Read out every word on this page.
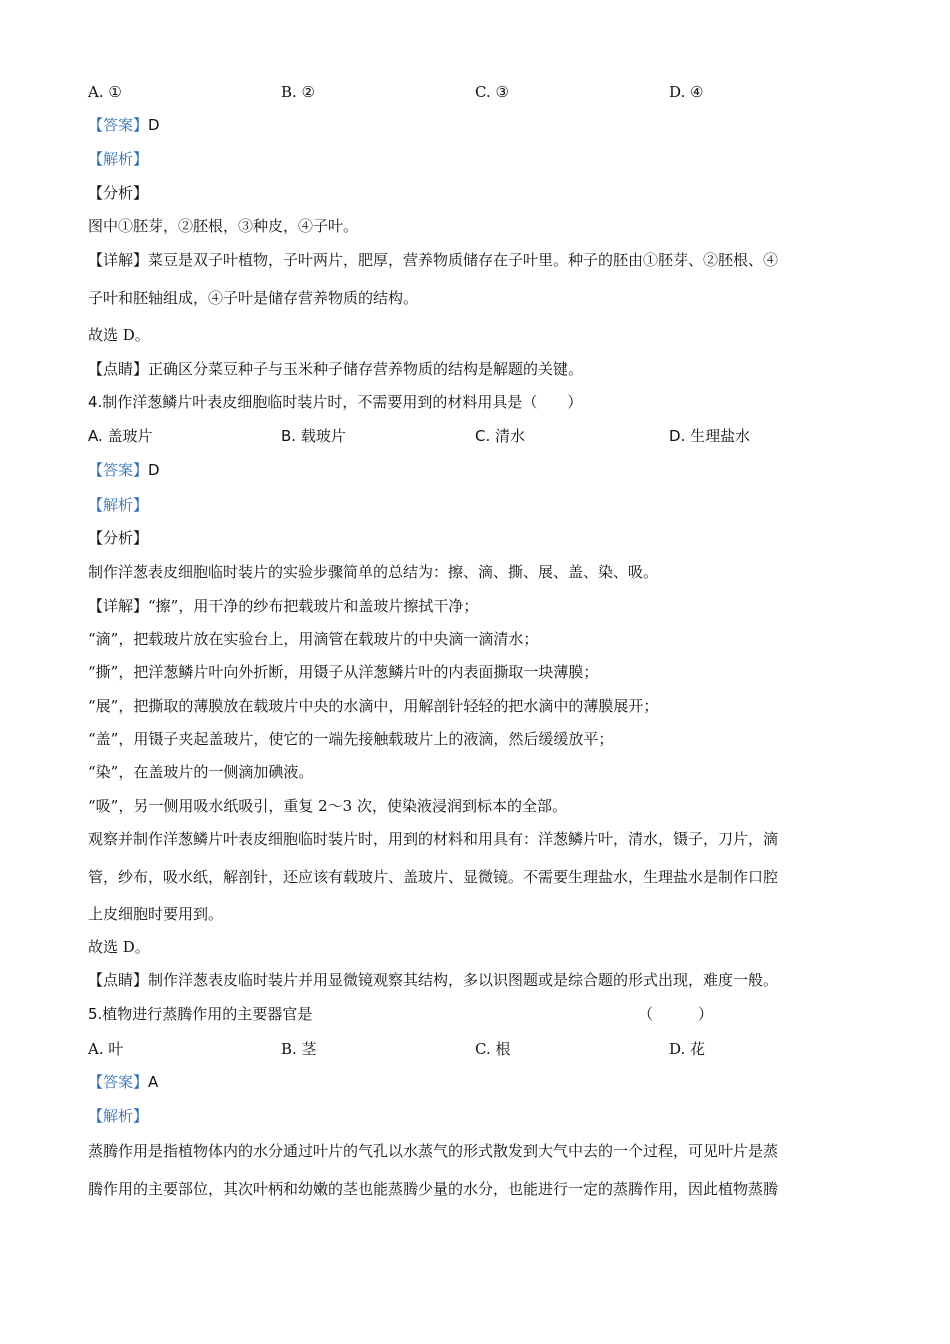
A. ①	B. ②	C. ③	D. ④
【答案】D
【解析】
【分析】
图中①胚芽，②胚根，③种皮，④子叶。
【详解】菜豆是双子叶植物，子叶两片，肥厚，营养物质储存在子叶里。种子的胚由①胚芽、②胚根、④
子叶和胚轴组成，④子叶是储存营养物质的结构。
故选 D。
【点睛】正确区分菜豆种子与玉米种子储存营养物质的结构是解题的关键。
4.制作洋葱鳞片叶表皮细胞临时装片时，不需要用到的材料用具是（　　）
A. 盖玻片	B. 载玻片	C. 清水	D. 生理盐水
【答案】D
【解析】
【分析】
制作洋葱表皮细胞临时装片的实验步骤简单的总结为：擦、滴、撕、展、盖、染、吸。
【详解】“擦”，用干净的纱布把载玻片和盖玻片擦拭干净；
“滴”，把载玻片放在实验台上，用滴管在载玻片的中央滴一滴清水；
“撕”，把洋葱鳞片叶向外折断，用镊子从洋葱鳞片叶的内表面撕取一块薄膜；
“展”，把撕取的薄膜放在载玻片中央的水滴中，用解剖针轻轻的把水滴中的薄膜展开；
“盖”，用镊子夹起盖玻片，使它的一端先接触载玻片上的液滴，然后缓缓放平；
“染”，在盖玻片的一侧滴加碘液。
“吸”，另一侧用吸水纸吸引，重复 2～3 次，使染液浸润到标本的全部。
观察并制作洋葱鳞片叶表皮细胞临时装片时，用到的材料和用具有：洋葱鳞片叶，清水，镊子，刀片，滴
管，纱布，吸水纸，解剖针，还应该有载玻片、盖玻片、显微镜。不需要生理盐水，生理盐水是制作口腔
上皮细胞时要用到。
故选 D。
【点睛】制作洋葱表皮临时装片并用显微镜观察其结构，多以识图题或是综合题的形式出现，难度一般。
5.植物进行蒸腾作用的主要器官是	（　　　）
A. 叶	B. 茎	C. 根	D. 花
【答案】A
【解析】
蒸腾作用是指植物体内的水分通过叶片的气孔以水蒸气的形式散发到大气中去的一个过程，可见叶片是蒸
腾作用的主要部位，其次叶柄和幼嫩的茎也能蒸腾少量的水分，也能进行一定的蒸腾作用，因此植物蒸腾
